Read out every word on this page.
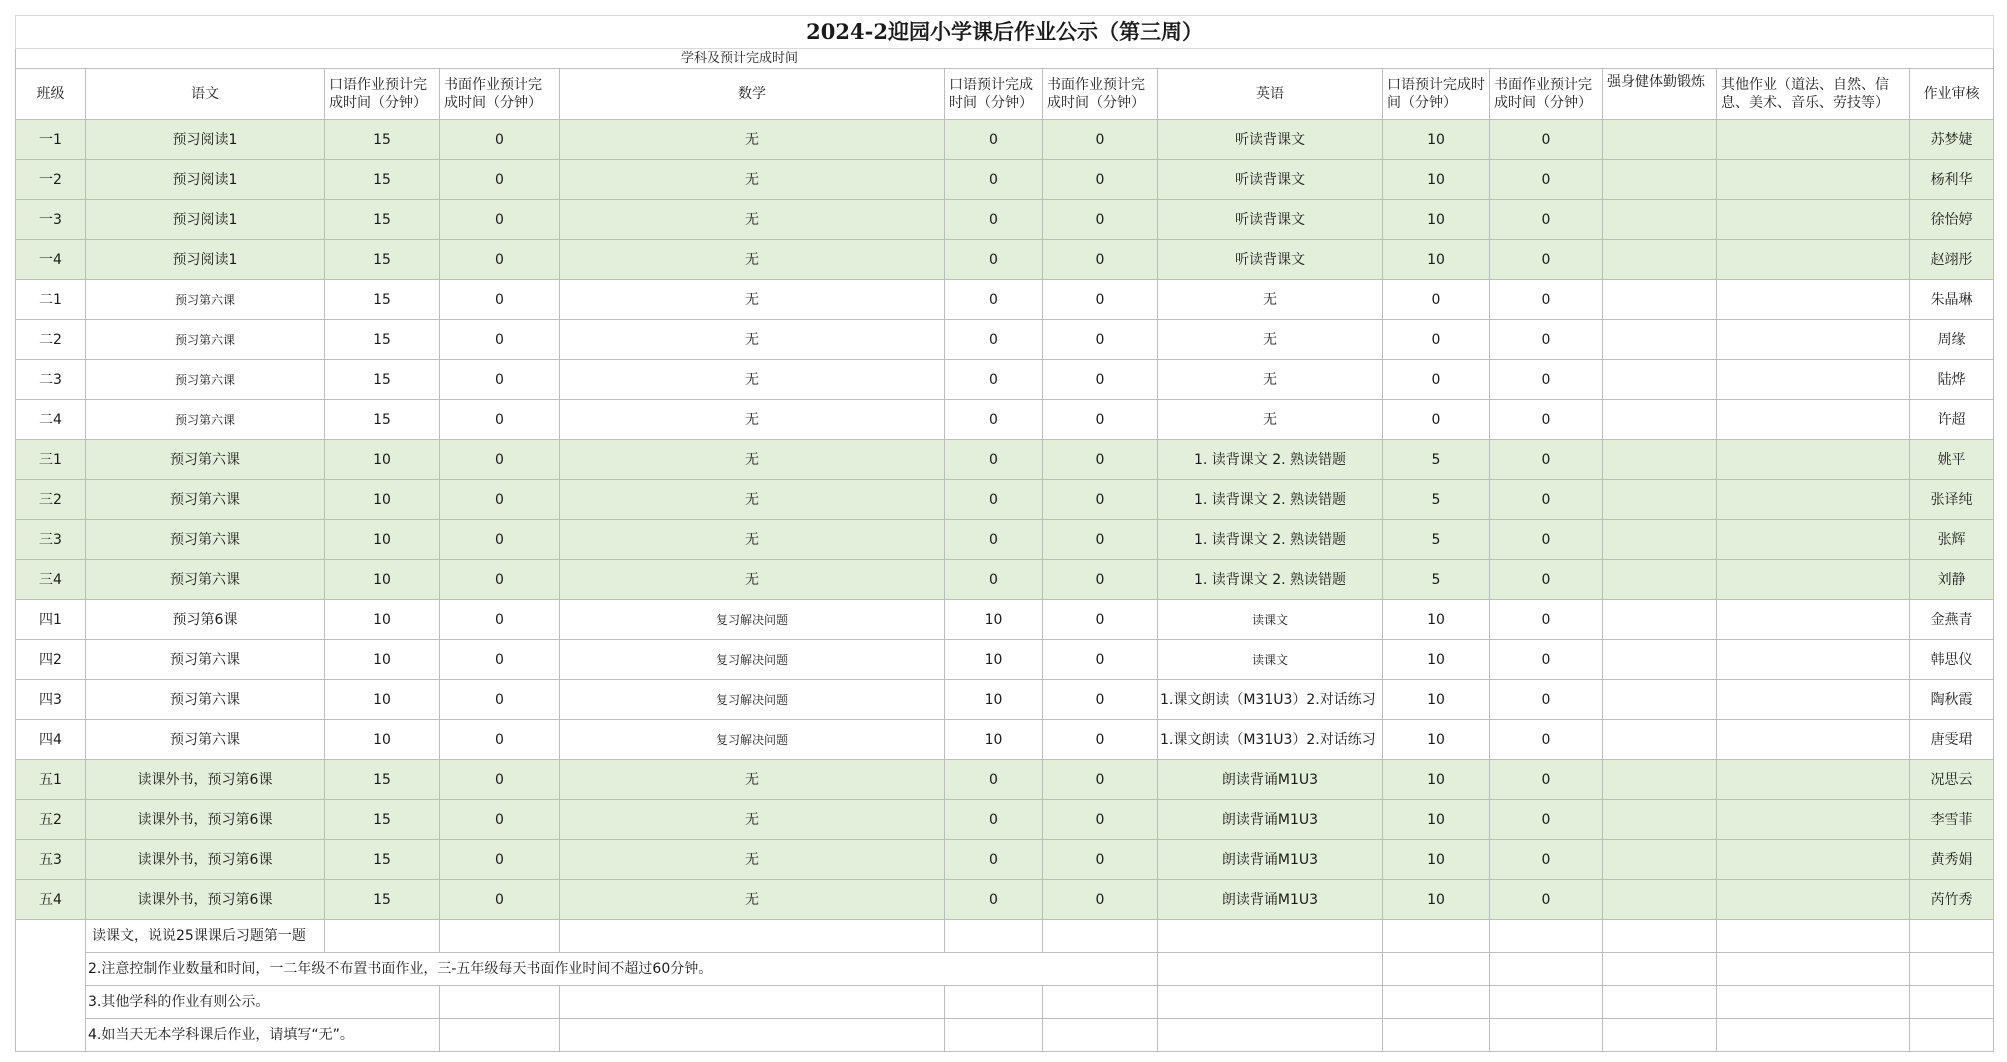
2024-2迎园小学课后作业公示（第三周）												
学科及预计完成时间												
班级	语文	口语作业预计完成时间（分钟）	书面作业预计完成时间（分钟）	数学	口语预计完成时间（分钟）	书面作业预计完成时间（分钟）	英语	口语预计完成时间（分钟）	书面作业预计完成时间（分钟）	强身健体勤锻炼	其他作业（道法、自然、信息、美术、音乐、劳技等）	作业审核
一1	预习阅读1	15	0	无	0	0	听读背课文	10	0			苏梦婕
一2	预习阅读1	15	0	无	0	0	听读背课文	10	0			杨利华
一3	预习阅读1	15	0	无	0	0	听读背课文	10	0			徐怡婷
一4	预习阅读1	15	0	无	0	0	听读背课文	10	0			赵翊彤
二1	预习第六课	15	0	无	0	0	无	0	0			朱晶琳
二2	预习第六课	15	0	无	0	0	无	0	0			周缘
二3	预习第六课	15	0	无	0	0	无	0	0			陆烨
二4	预习第六课	15	0	无	0	0	无	0	0			许超
三1	预习第六课	10	0	无	0	0	1. 读背课文 2. 熟读错题	5	0			姚平
三2	预习第六课	10	0	无	0	0	1. 读背课文 2. 熟读错题	5	0			张译纯
三3	预习第六课	10	0	无	0	0	1. 读背课文 2. 熟读错题	5	0			张辉
三4	预习第六课	10	0	无	0	0	1. 读背课文 2. 熟读错题	5	0			刘静
四1	预习第6课	10	0	复习解决问题	10	0	读课文	10	0			金燕青
四2	预习第六课	10	0	复习解决问题	10	0	读课文	10	0			韩思仪
四3	预习第六课	10	0	复习解决问题	10	0	1.课文朗读（M31U3）2.对话练习	10	0			陶秋霞
四4	预习第六课	10	0	复习解决问题	10	0	1.课文朗读（M31U3）2.对话练习	10	0			唐雯珺
五1	读课外书，预习第6课	15	0	无	0	0	朗读背诵M1U3	10	0			况思云
五2	读课外书，预习第6课	15	0	无	0	0	朗读背诵M1U3	10	0			李雪菲
五3	读课外书，预习第6课	15	0	无	0	0	朗读背诵M1U3	10	0			黄秀娟
五4	读课外书，预习第6课	15	0	无	0	0	朗读背诵M1U3	10	0			芮竹秀
	读课文，说说25课课后习题第一题											
	2.注意控制作业数量和时间，一二年级不布置书面作业，三-五年级每天书面作业时间不超过60分钟。											
	3.其他学科的作业有则公示。											
	4.如当天无本学科课后作业，请填写“无”。											
